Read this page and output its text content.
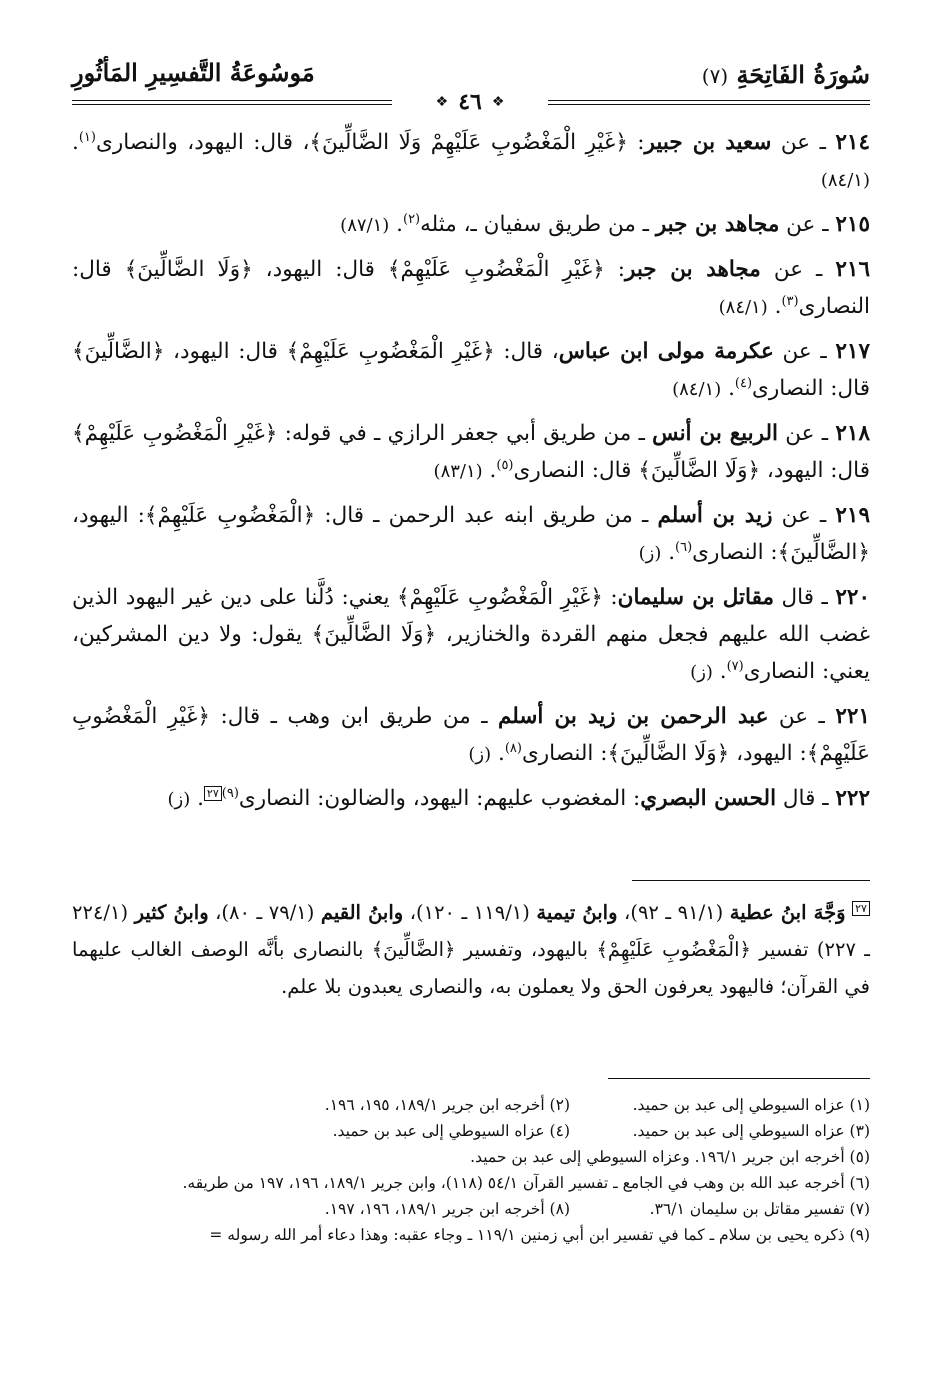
سُورَةُ الفَاتِحَةِ (٧)
مَوسُوعَةُ التَّفسِيرِ المَأثُورِ
❖
٤٦
❖
٢١٤ ـ عن سعيد بن جبير: ﴿غَيْرِ الْمَغْضُوبِ عَلَيْهِمْ وَلَا الضَّالِّينَ﴾، قال: اليهود، والنصارى$^{(١)}$. (٨٤/١)
٢١٥ ـ عن مجاهد بن جبر ـ من طريق سفيان ـ، مثله$^{(٢)}$. (٨٧/١)
٢١٦ ـ عن مجاهد بن جبر: ﴿غَيْرِ الْمَغْضُوبِ عَلَيْهِمْ﴾ قال: اليهود، ﴿وَلَا الضَّالِّينَ﴾ قال: النصارى$^{(٣)}$. (٨٤/١)
٢١٧ ـ عن عكرمة مولى ابن عباس، قال: ﴿غَيْرِ الْمَغْضُوبِ عَلَيْهِمْ﴾ قال: اليهود، ﴿الضَّالِّينَ﴾ قال: النصارى$^{(٤)}$. (٨٤/١)
٢١٨ ـ عن الربيع بن أنس ـ من طريق أبي جعفر الرازي ـ في قوله: ﴿غَيْرِ الْمَغْضُوبِ عَلَيْهِمْ﴾ قال: اليهود، ﴿وَلَا الضَّالِّينَ﴾ قال: النصارى$^{(٥)}$. (٨٣/١)
٢١٩ ـ عن زيد بن أسلم ـ من طريق ابنه عبد الرحمن ـ قال: ﴿الْمَغْضُوبِ عَلَيْهِمْ﴾: اليهود، ﴿الضَّالِّينَ﴾: النصارى$^{(٦)}$. (ز)
٢٢٠ ـ قال مقاتل بن سليمان: ﴿غَيْرِ الْمَغْضُوبِ عَلَيْهِمْ﴾ يعني: دُلَّنا على دين غير اليهود الذين غضب الله عليهم فجعل منهم القردة والخنازير، ﴿وَلَا الضَّالِّينَ﴾ يقول: ولا دين المشركين، يعني: النصارى$^{(٧)}$. (ز)
٢٢١ ـ عن عبد الرحمن بن زيد بن أسلم ـ من طريق ابن وهب ـ قال: ﴿غَيْرِ الْمَغْضُوبِ عَلَيْهِمْ﴾: اليهود، ﴿وَلَا الضَّالِّينَ﴾: النصارى$^{(٨)}$. (ز)
٢٢٢ ـ قال الحسن البصري: المغضوب عليهم: اليهود، والضالون: النصارى$^{(٩)}$٢٧. (ز)
٢٧ وَجَّهَ ابنُ عطية (٩١/١ ـ ٩٢)، وابنُ تيمية (١١٩/١ ـ ١٢٠)، وابنُ القيم (٧٩/١ ـ ٨٠)، وابنُ كثير (٢٢٤/١ ـ ٢٢٧) تفسير ﴿الْمَغْضُوبِ عَلَيْهِمْ﴾ باليهود، وتفسير ﴿الضَّالِّينَ﴾ بالنصارى بأنَّه الوصف الغالب عليهما في القرآن؛ فاليهود يعرفون الحق ولا يعملون به، والنصارى يعبدون بلا علم.
(١) عزاه السيوطي إلى عبد بن حميد.
(٢) أخرجه ابن جرير ١٨٩/١، ١٩٥، ١٩٦.
(٣) عزاه السيوطي إلى عبد بن حميد.
(٤) عزاه السيوطي إلى عبد بن حميد.
(٥) أخرجه ابن جرير ١٩٦/١. وعزاه السيوطي إلى عبد بن حميد.
(٦) أخرجه عبد الله بن وهب في الجامع ـ تفسير القرآن ٥٤/١ (١١٨)، وابن جرير ١٨٩/١، ١٩٦، ١٩٧ من طريقه.
(٧) تفسير مقاتل بن سليمان ٣٦/١.
(٨) أخرجه ابن جرير ١٨٩/١، ١٩٦، ١٩٧.
(٩) ذكره يحيى بن سلام ـ كما في تفسير ابن أبي زمنين ١١٩/١ ـ وجاء عقبه: وهذا دعاء أمر الله رسوله =
